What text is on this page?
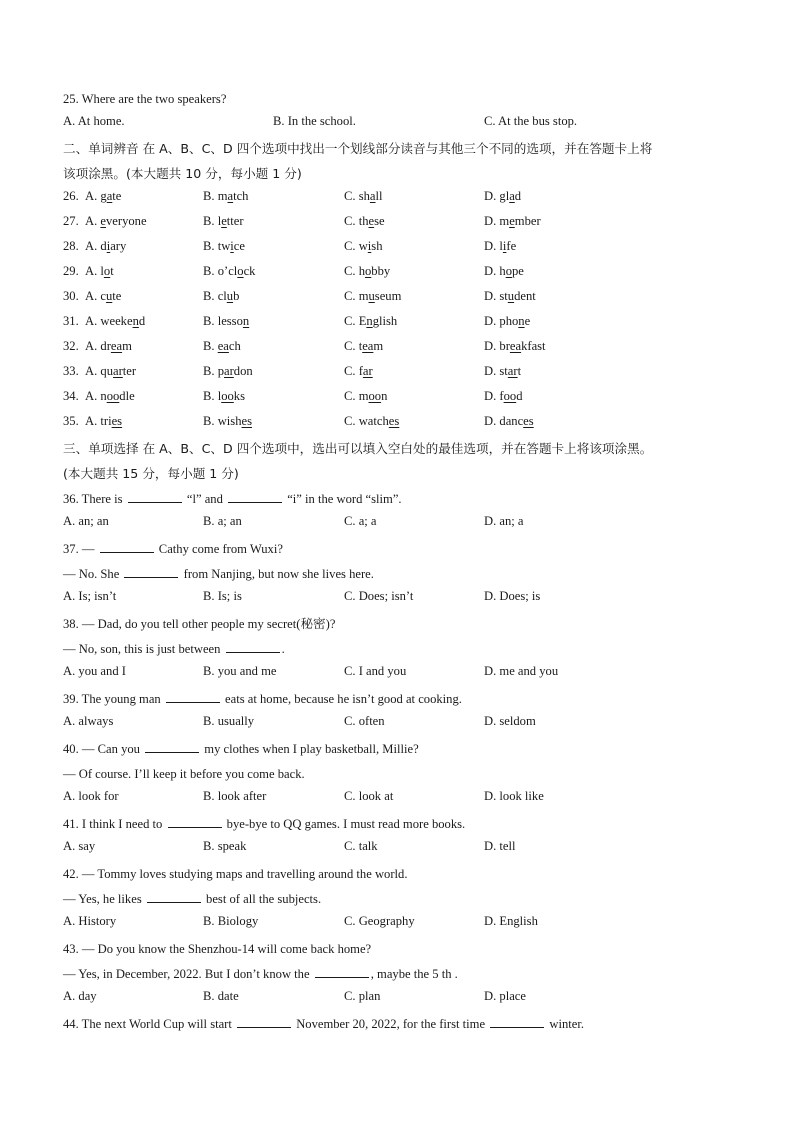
25. Where are the two speakers?
A. At home.	B. In the school.	C. At the bus stop.
二、单词辨音 在 A、B、C、D 四个选项中找出一个划线部分读音与其他三个不同的选项，并在答题卡上将
该项涂黑。(本大题共 10 分，每小题 1 分)
26. A. gate	B. match	C. shall	D. glad
27. A. everyone	B. letter	C. these	D. member
28. A. diary	B. twice	C. wish	D. life
29. A. lot	B. o’clock	C. hobby	D. hope
30. A. cute	B. club	C. museum	D. student
31. A. weekend	B. lesson	C. English	D. phone
32. A. dream	B. each	C. team	D. breakfast
33. A. quarter	B. pardon	C. far	D. start
34. A. noodle	B. looks	C. moon	D. food
35. A. tries	B. wishes	C. watches	D. dances
三、单项选择 在 A、B、C、D 四个选项中，选出可以填入空白处的最佳选项，并在答题卡上将该项涂黑。
(本大题共 15 分，每小题 1 分)
36. There is	“l” and	“i” in the word “slim”.
A. an; an	B. a; an	C. a; a	D. an; a
37. —	Cathy come from Wuxi?
— No. She	from Nanjing, but now she lives here.
A. Is; isn’t	B. Is; is	C. Does; isn’t	D. Does; is
38. — Dad, do you tell other people my secret(秘密)?
— No, son, this is just between	.
A. you and I	B. you and me	C. I and you	D. me and you
39. The young man	eats at home, because he isn’t good at cooking.
A. always	B. usually	C. often	D. seldom
40. — Can you	my clothes when I play basketball, Millie?
— Of course. I’ll keep it before you come back.
A. look for	B. look after	C. look at	D. look like
41. I think I need to	bye-bye to QQ games. I must read more books.
A. say	B. speak	C. talk	D. tell
42. — Tommy loves studying maps and travelling around the world.
— Yes, he likes	best of all the subjects.
A. History	B. Biology	C. Geography	D. English
43. — Do you know the Shenzhou-14 will come back home?
— Yes, in December, 2022. But I don’t know the	, maybe the 5 th .
A. day	B. date	C. plan	D. place
44. The next World Cup will start	November 20, 2022, for the first time	winter.
